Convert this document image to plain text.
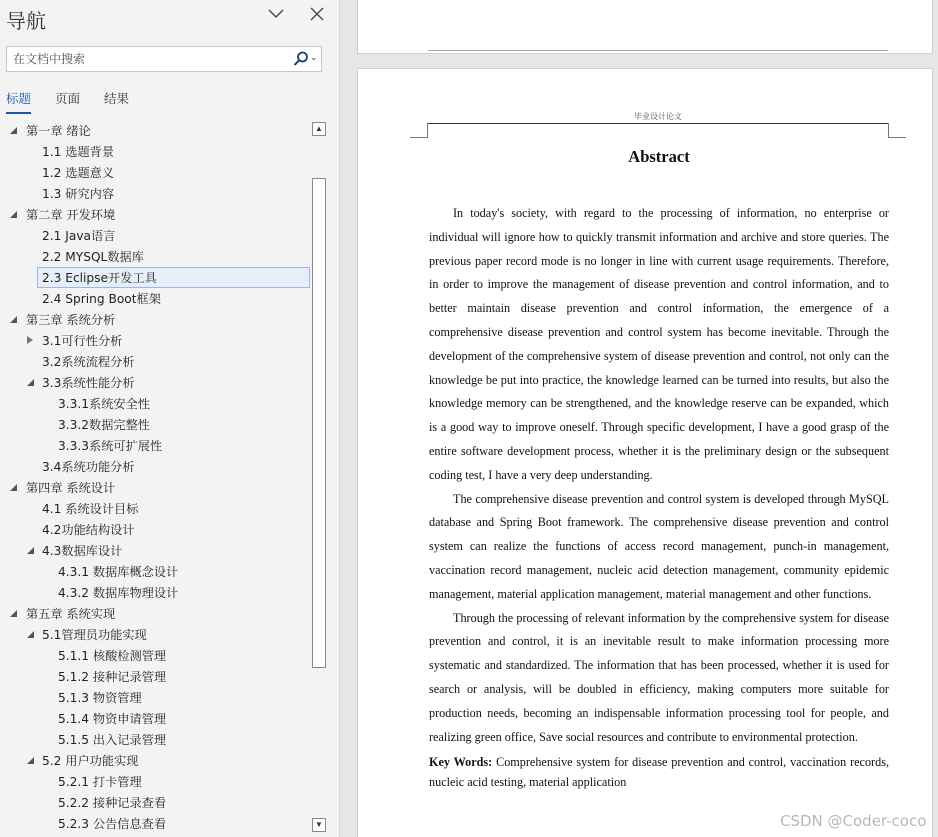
导航
在文档中搜索
⌄
标题 页面 结果
第一章 绪论
1.1 选题背景
1.2 选题意义
1.3 研究内容
第二章 开发环境
2.1 Java语言
2.2 MYSQL数据库
2.3 Eclipse开发工具
2.4 Spring Boot框架
第三章 系统分析
3.1可行性分析
3.2系统流程分析
3.3系统性能分析
3.3.1系统安全性
3.3.2数据完整性
3.3.3系统可扩展性
3.4系统功能分析
第四章 系统设计
4.1 系统设计目标
4.2功能结构设计
4.3数据库设计
4.3.1 数据库概念设计
4.3.2 数据库物理设计
第五章 系统实现
5.1管理员功能实现
5.1.1 核酸检测管理
5.1.2 接种记录管理
5.1.3 物资管理
5.1.4 物资申请管理
5.1.5 出入记录管理
5.2 用户功能实现
5.2.1 打卡管理
5.2.2 接种记录查看
5.2.3 公告信息查看
▲
▼
毕业设计论文
Abstract

In today's society, with regard to the processing of information, no enterprise or individual will ignore how to quickly transmit information and archive and store queries. The previous paper record mode is no longer in line with current usage requirements. Therefore, in order to improve the management of disease prevention and control information, and to better maintain disease prevention and control information, the emergence of a comprehensive disease prevention and control system has become inevitable. Through the development of the comprehensive system of disease prevention and control, not only can the knowledge be put into practice, the knowledge learned can be turned into results, but also the knowledge memory can be strengthened, and the knowledge reserve can be expanded, which is a good way to improve oneself. Through specific development, I have a good grasp of the entire software development process, whether it is the preliminary design or the subsequent coding test, I have a very deep understanding.

The comprehensive disease prevention and control system is developed through MySQL database and Spring Boot framework. The comprehensive disease prevention and control system can realize the functions of access record management, punch-in management, vaccination record management, nucleic acid detection management, community epidemic management, material application management, material management and other functions.

Through the processing of relevant information by the comprehensive system for disease prevention and control, it is an inevitable result to make information processing more systematic and standardized. The information that has been processed, whether it is used for search or analysis, will be doubled in efficiency, making computers more suitable for production needs, becoming an indispensable information processing tool for people, and realizing green office, Save social resources and contribute to environmental protection.

Key Words: Comprehensive system for disease prevention and control, vaccination records, nucleic acid testing, material application
CSDN @Coder-coco
